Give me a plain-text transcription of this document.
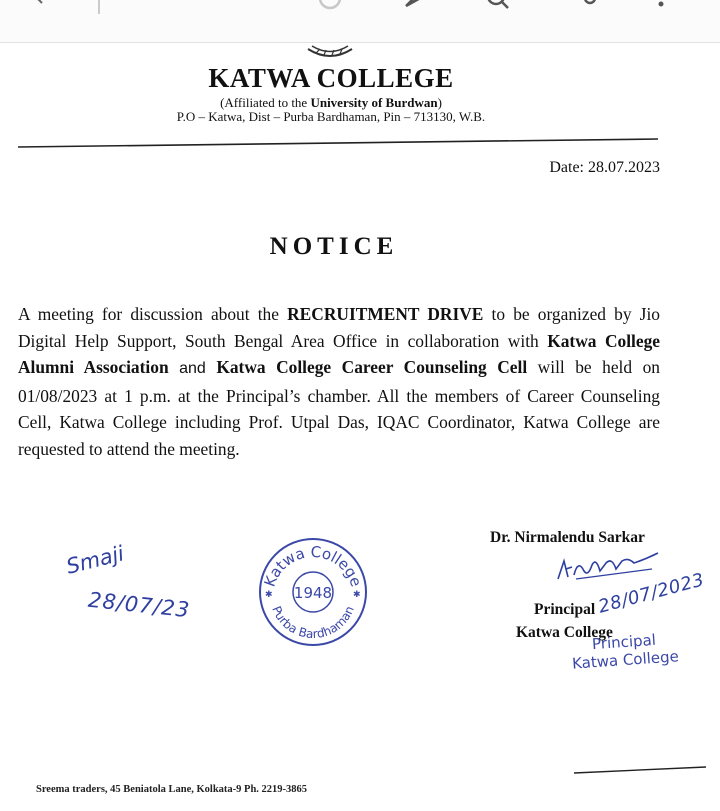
KATWA COLLEGE
(Affiliated to the University of Burdwan)
P.O – Katwa, Dist – Purba Bardhaman, Pin – 713130, W.B.
Date: 28.07.2023
NOTICE
A meeting for discussion about the RECRUITMENT DRIVE to be organized by Jio Digital Help Support, South Bengal Area Office in collaboration with Katwa College Alumni Association and Katwa College Career Counseling Cell will be held on 01/08/2023 at 1 p.m. at the Principal’s chamber. All the members of Career Counseling Cell, Katwa College including Prof. Utpal Das, IQAC Coordinator, Katwa College are requested to attend the meeting.
Smaji
28/07/23
Katwa College
Purba Bardhaman
1948
✱	✱
Dr. Nirmalendu Sarkar
28/07/2023
Principal
Katwa College
Principal
Katwa College
Sreema traders, 45 Beniatola Lane, Kolkata-9 Ph. 2219-3865
